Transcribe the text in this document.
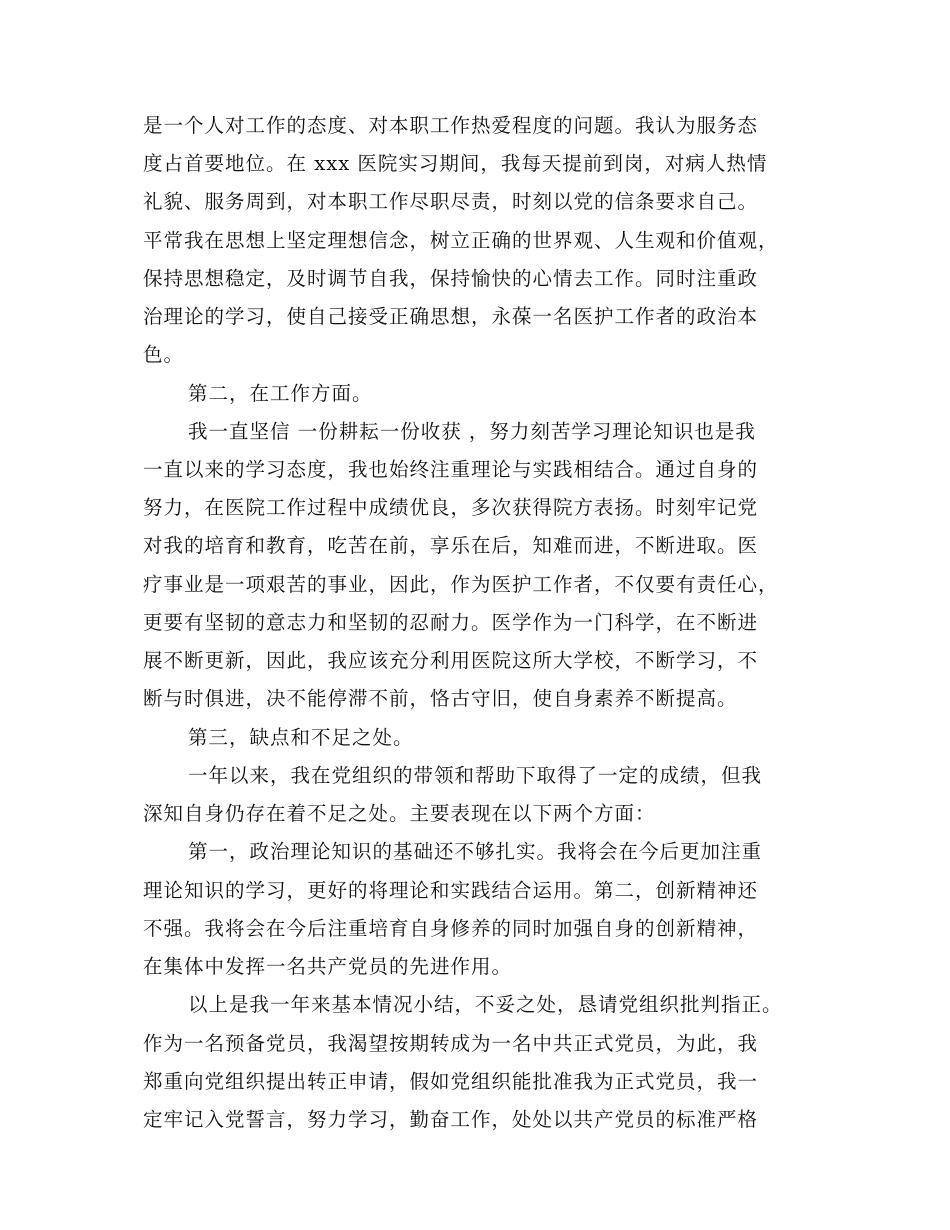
是一个人对工作的态度、对本职工作热爱程度的问题。我认为服务态
度占首要地位。在 xxx 医院实习期间，我每天提前到岗，对病人热情
礼貌、服务周到，对本职工作尽职尽责，时刻以党的信条要求自己。
平常我在思想上坚定理想信念，树立正确的世界观、人生观和价值观，
保持思想稳定，及时调节自我，保持愉快的心情去工作。同时注重政
治理论的学习，使自己接受正确思想，永葆一名医护工作者的政治本
色。
第二，在工作方面。
我一直坚信 一份耕耘一份收获 ，努力刻苦学习理论知识也是我
一直以来的学习态度，我也始终注重理论与实践相结合。通过自身的
努力，在医院工作过程中成绩优良，多次获得院方表扬。时刻牢记党
对我的培育和教育，吃苦在前，享乐在后，知难而进，不断进取。医
疗事业是一项艰苦的事业，因此，作为医护工作者，不仅要有责任心，
更要有坚韧的意志力和坚韧的忍耐力。医学作为一门科学，在不断进
展不断更新，因此，我应该充分利用医院这所大学校，不断学习，不
断与时俱进，决不能停滞不前，恪古守旧，使自身素养不断提高。
第三，缺点和不足之处。
一年以来，我在党组织的带领和帮助下取得了一定的成绩，但我
深知自身仍存在着不足之处。主要表现在以下两个方面：
第一，政治理论知识的基础还不够扎实。我将会在今后更加注重
理论知识的学习，更好的将理论和实践结合运用。第二，创新精神还
不强。我将会在今后注重培育自身修养的同时加强自身的创新精神，
在集体中发挥一名共产党员的先进作用。
以上是我一年来基本情况小结，不妥之处，恳请党组织批判指正。
作为一名预备党员，我渴望按期转成为一名中共正式党员，为此，我
郑重向党组织提出转正申请，假如党组织能批准我为正式党员，我一
定牢记入党誓言，努力学习，勤奋工作，处处以共产党员的标准严格
